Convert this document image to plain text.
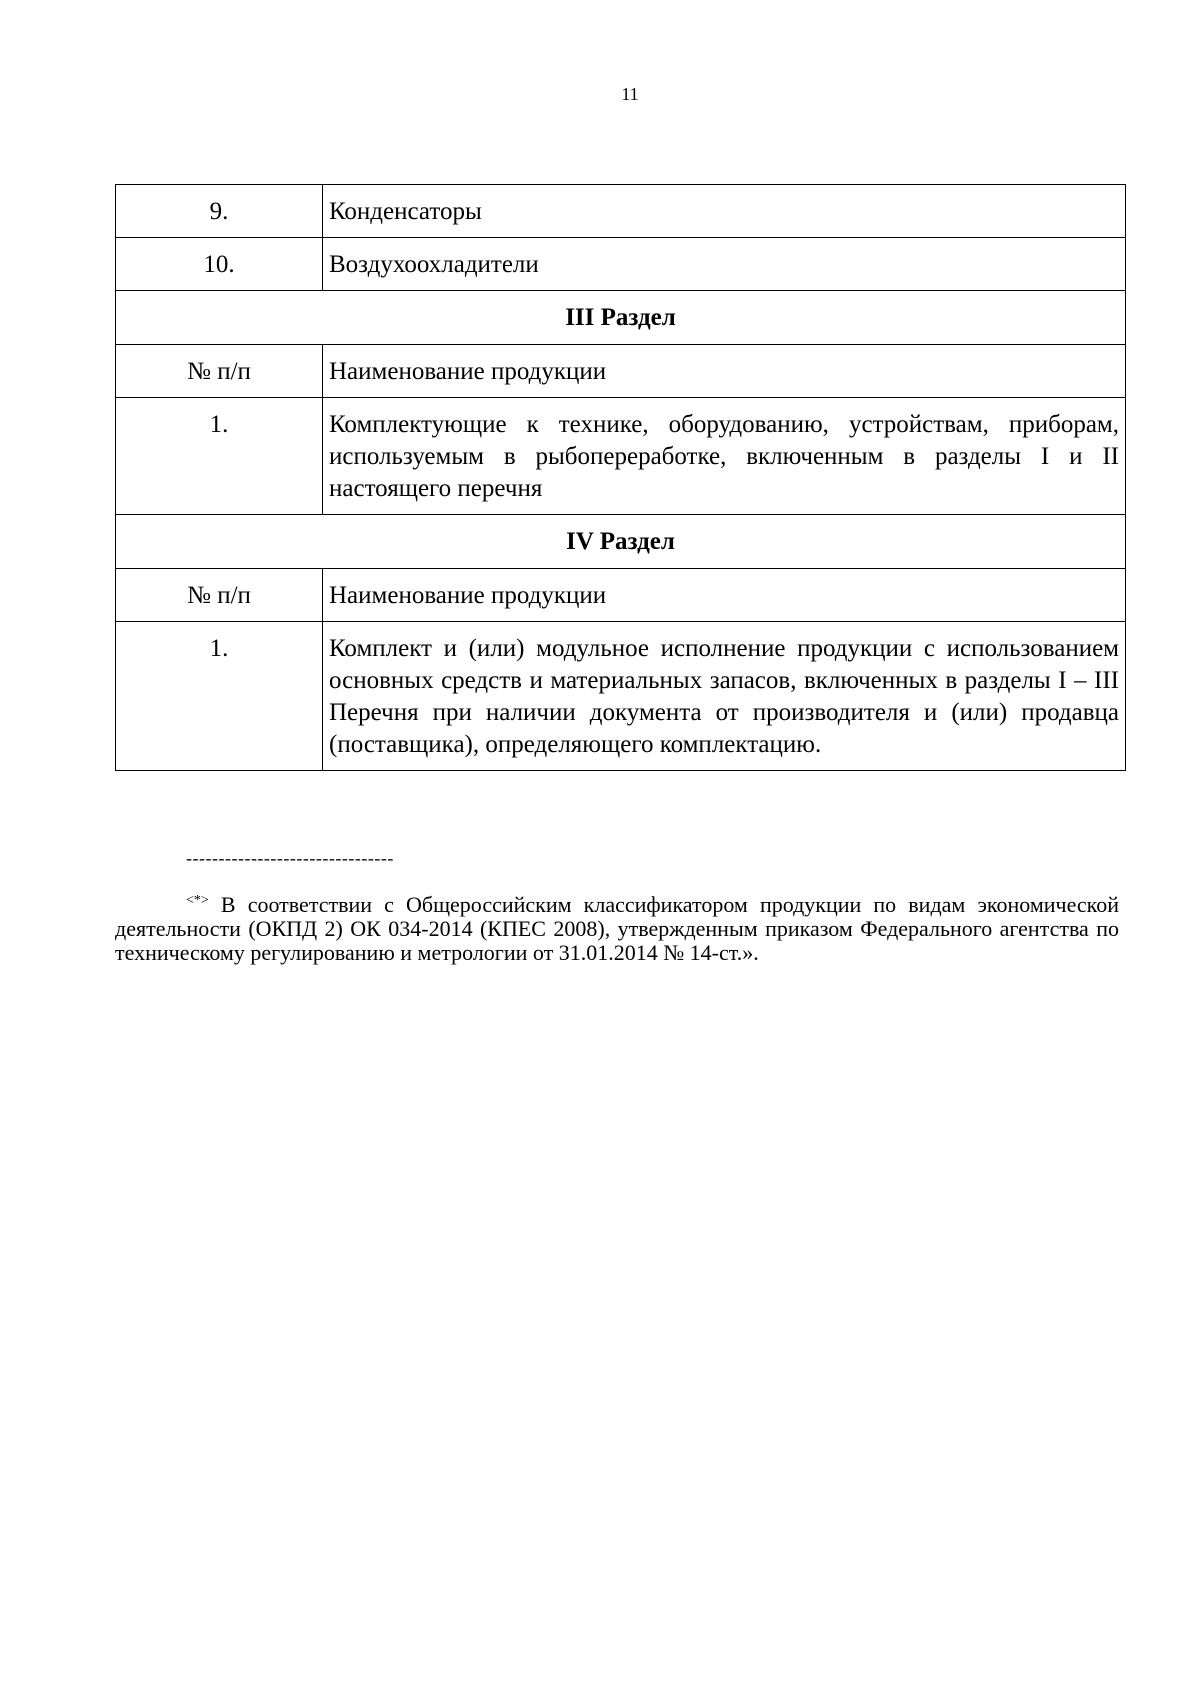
11
9.	Конденсаторы
10.	Воздухоохладители
III Раздел	
№ п/п	Наименование продукции
1.	Комплектующие к технике, оборудованию, устройствам, приборам, используемым в рыбопереработке, включенным в разделы I и II настоящего перечня
IV Раздел	
№ п/п	Наименование продукции
1.	Комплект и (или) модульное исполнение продукции с использованием основных средств и материальных запасов, включенных в разделы I – III Перечня при наличии документа от производителя и (или) продавца (поставщика), определяющего комплектацию.
--------------------------------
<*> В соответствии с Общероссийским классификатором продукции по видам экономической деятельности (ОКПД 2) ОК 034-2014 (КПЕС 2008), утвержденным приказом Федерального агентства по техническому регулированию и метрологии от 31.01.2014 № 14-ст.».
